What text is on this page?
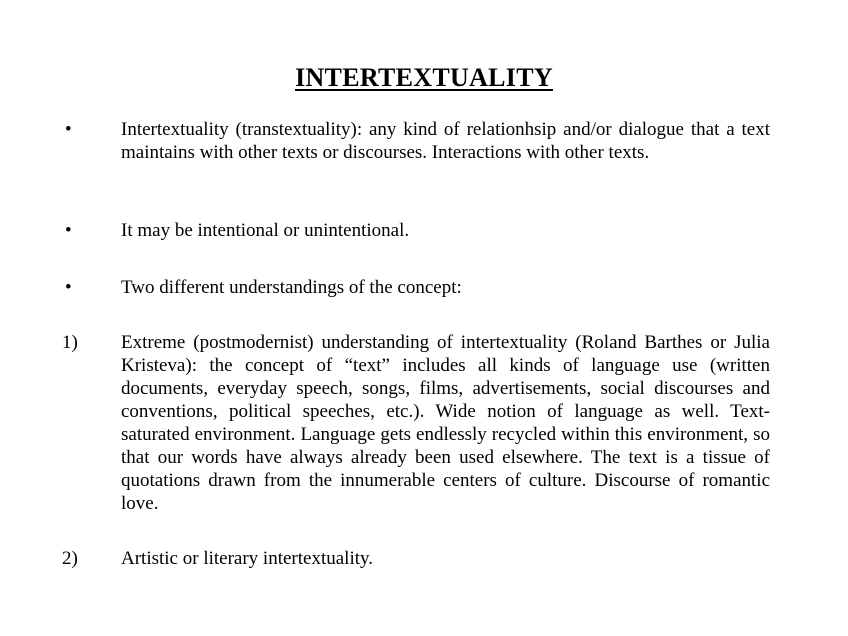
INTERTEXTUALITY
•	Intertextuality (transtextuality): any kind of relationhsip and/or dialogue that a text maintains with other texts or discourses. Interactions with other texts.
•	It may be intentional or unintentional.
•	Two different understandings of the concept:
1) Extreme (postmodernist) understanding of intertextuality (Roland Barthes or Julia Kristeva): the concept of “text” includes all kinds of language use (written documents, everyday speech, songs, films, advertisements, social discourses and conventions, political speeches, etc.). Wide notion of language as well. Text-saturated environment. Language gets endlessly recycled within this environment, so that our words have always already been used elsewhere. The text is a tissue of quotations drawn from the innumerable centers of culture. Discourse of romantic love.
2) Artistic or literary intertextuality.
